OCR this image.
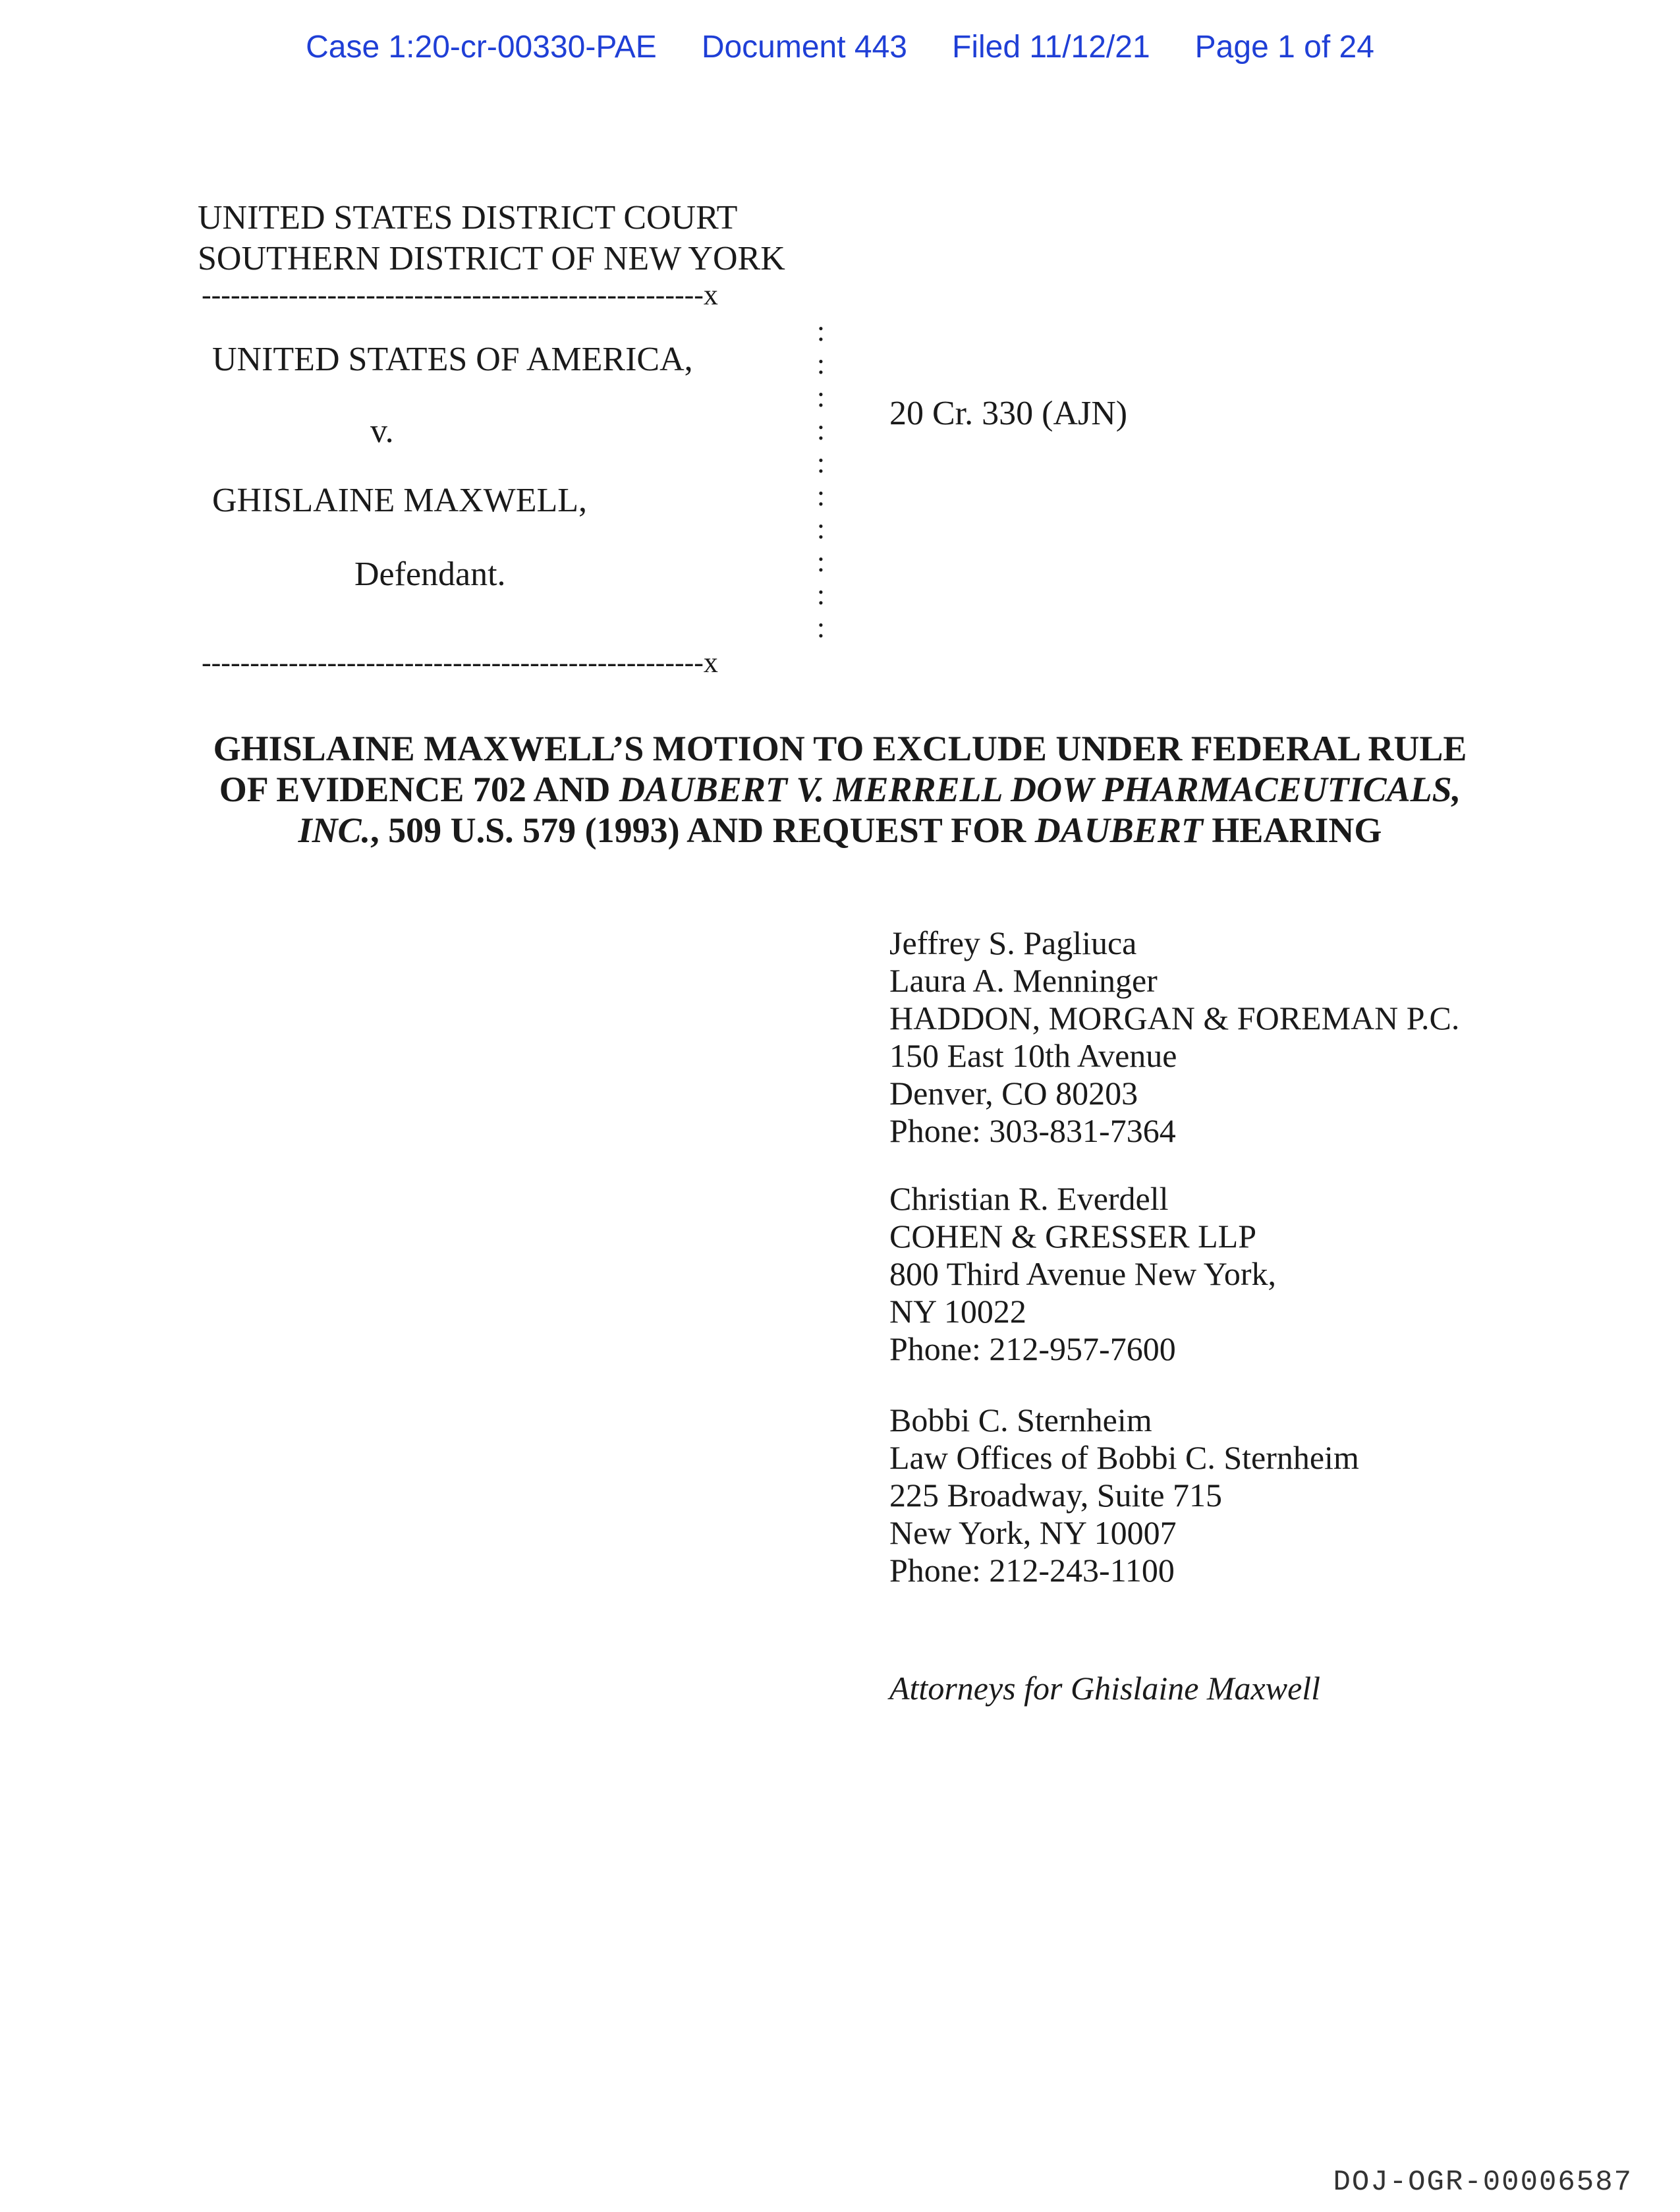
Case 1:20-cr-00330-PAE Document 443 Filed 11/12/21 Page 1 of 24
UNITED STATES DISTRICT COURT
SOUTHERN DISTRICT OF NEW YORK
----------------------------------------------------x
:
:
:
:
:
:
:
:
:
:
UNITED STATES OF AMERICA,
v.
GHISLAINE MAXWELL,
Defendant.
20 Cr. 330 (AJN)
----------------------------------------------------x
GHISLAINE MAXWELL’S MOTION TO EXCLUDE UNDER FEDERAL RULE
OF EVIDENCE 702 AND DAUBERT V. MERRELL DOW PHARMACEUTICALS,
INC., 509 U.S. 579 (1993) AND REQUEST FOR DAUBERT HEARING
Jeffrey S. Pagliuca
Laura A. Menninger
HADDON, MORGAN & FOREMAN P.C.
150 East 10th Avenue
Denver, CO 80203
Phone: 303-831-7364
Christian R. Everdell
COHEN & GRESSER LLP
800 Third Avenue New York,
NY 10022
Phone: 212-957-7600
Bobbi C. Sternheim
Law Offices of Bobbi C. Sternheim
225 Broadway, Suite 715
New York, NY 10007
Phone: 212-243-1100
Attorneys for Ghislaine Maxwell
DOJ-OGR-00006587
